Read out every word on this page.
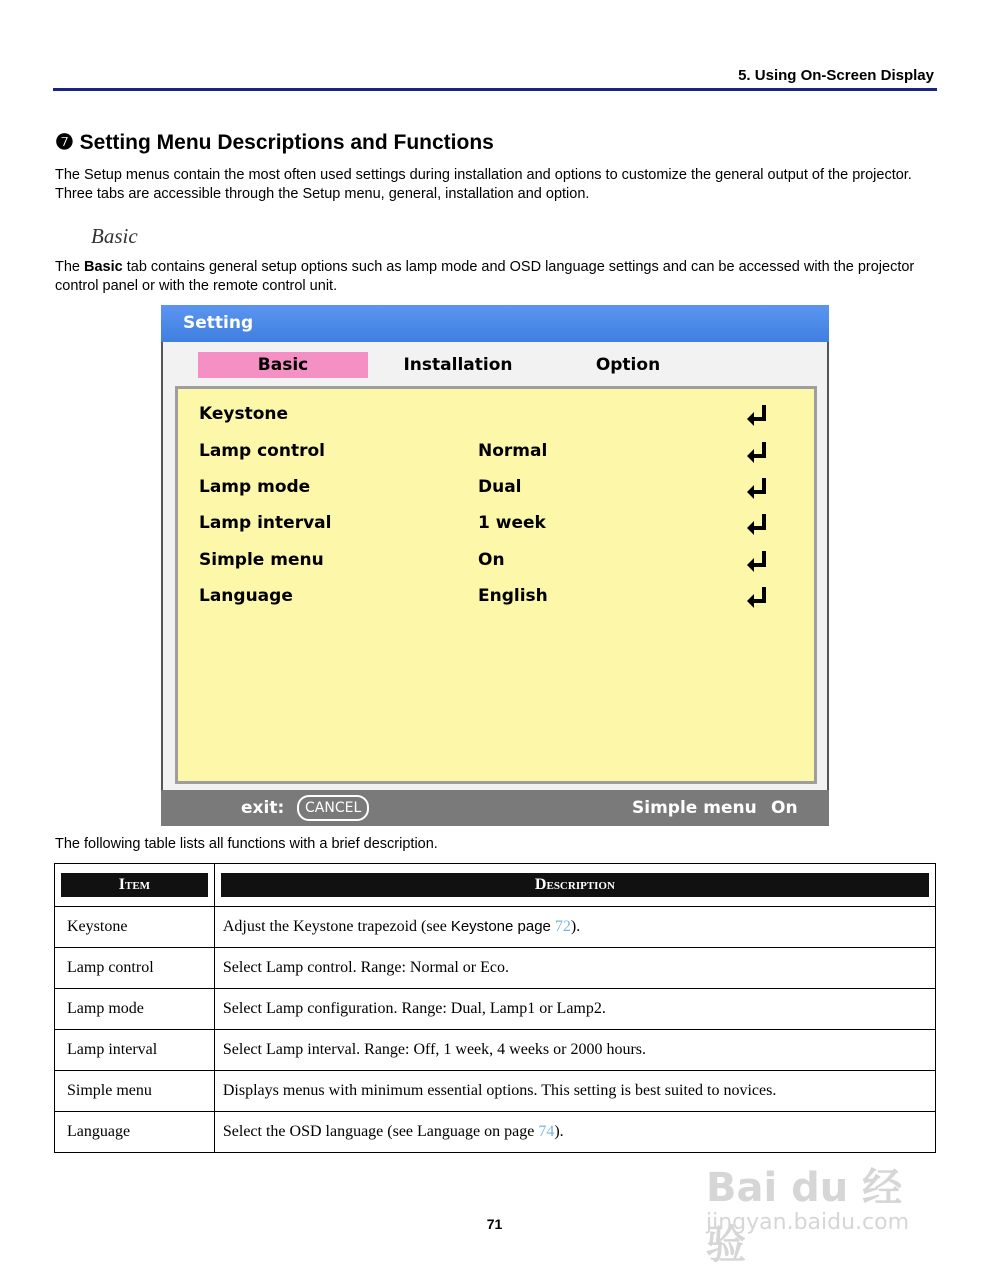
5. Using On-Screen Display
❼ Setting Menu Descriptions and Functions
The Setup menus contain the most often used settings during installation and options to customize the general output of the projector. Three tabs are accessible through the Setup menu, general, installation and option.
Basic
The Basic tab contains general setup options such as lamp mode and OSD language settings and can be accessed with the projector control panel or with the remote control unit.
Setting
Basic	Installation	Option
Keystone
Lamp control	Normal
Lamp mode	Dual
Lamp interval	1 week
Simple menu	On
Language	English
exit:	CANCEL	Simple menu On
The following table lists all functions with a brief description.
Item	Description

Keystone	Adjust the Keystone trapezoid (see Keystone page 72).
Lamp control	Select Lamp control. Range: Normal or Eco.
Lamp mode	Select Lamp configuration. Range: Dual, Lamp1 or Lamp2.
Lamp interval	Select Lamp interval. Range: Off, 1 week, 4 weeks or 2000 hours.
Simple menu	Displays menus with minimum essential options. This setting is best suited to novices.
Language	Select the OSD language (see Language on page 74).
Bai du 经验
jingyan.baidu.com
71
